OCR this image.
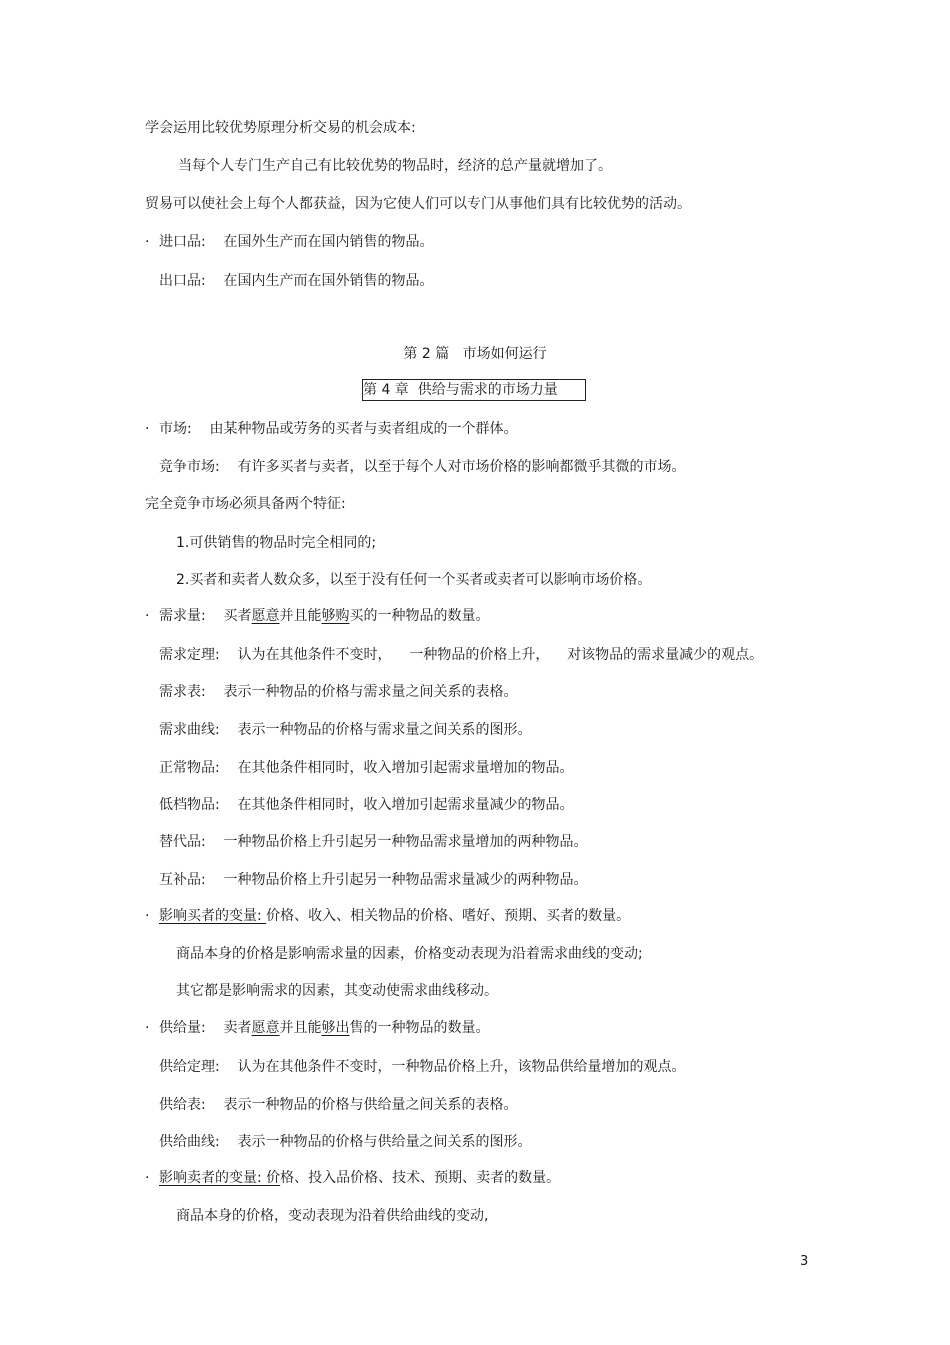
学会运用比较优势原理分析交易的机会成本:
当每个人专门生产自己有比较优势的物品时，经济的总产量就增加了。
贸易可以使社会上每个人都获益，因为它使人们可以专门从事他们具有比较优势的活动。
· 进口品:    在国外生产而在国内销售的物品。
出口品:    在国内生产而在国外销售的物品。
第 2 篇   市场如何运行
第 4 章  供给与需求的市场力量
· 市场:    由某种物品或劳务的买者与卖者组成的一个群体。
竞争市场:    有许多买者与卖者，以至于每个人对市场价格的影响都微乎其微的市场。
完全竞争市场必须具备两个特征:
1.可供销售的物品时完全相同的;
2.买者和卖者人数众多，以至于没有任何一个买者或卖者可以影响市场价格。
· 需求量:    买者愿意并且能够购买的一种物品的数量。
需求定理:    认为在其他条件不变时，    一种物品的价格上升，    对该物品的需求量减少的观点。
需求表:    表示一种物品的价格与需求量之间关系的表格。
需求曲线:    表示一种物品的价格与需求量之间关系的图形。
正常物品:    在其他条件相同时，收入增加引起需求量增加的物品。
低档物品:    在其他条件相同时，收入增加引起需求量减少的物品。
替代品:    一种物品价格上升引起另一种物品需求量增加的两种物品。
互补品:    一种物品价格上升引起另一种物品需求量减少的两种物品。
· 影响买者的变量: 价格、收入、相关物品的价格、嗜好、预期、买者的数量。
商品本身的价格是影响需求量的因素，价格变动表现为沿着需求曲线的变动;
其它都是影响需求的因素，其变动使需求曲线移动。
· 供给量:    卖者愿意并且能够出售的一种物品的数量。
供给定理:    认为在其他条件不变时，一种物品价格上升，该物品供给量增加的观点。
供给表:    表示一种物品的价格与供给量之间关系的表格。
供给曲线:    表示一种物品的价格与供给量之间关系的图形。
· 影响卖者的变量: 价格、投入品价格、技术、预期、卖者的数量。
商品本身的价格，变动表现为沿着供给曲线的变动,
3
